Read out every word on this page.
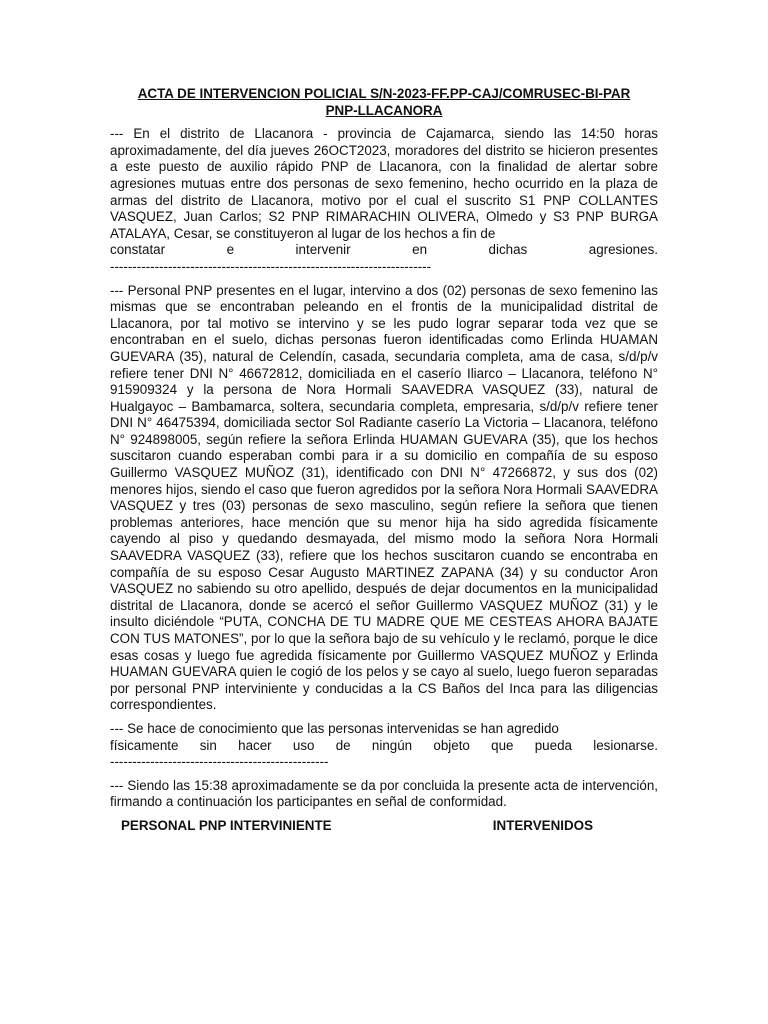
ACTA DE INTERVENCION POLICIAL S/N-2023-FF.PP-CAJ/COMRUSEC-BI-PAR
PNP-LLACANORA
--- En el distrito de Llacanora - provincia de Cajamarca, siendo las 14:50 horas aproximadamente, del día jueves 26OCT2023, moradores del distrito se hicieron presentes a este puesto de auxilio rápido PNP de Llacanora, con la finalidad de alertar sobre agresiones mutuas entre dos personas de sexo femenino, hecho ocurrido en la plaza de armas del distrito de Llacanora, motivo por el cual el suscrito S1 PNP COLLANTES VASQUEZ, Juan Carlos; S2 PNP RIMARACHIN OLIVERA, Olmedo y S3 PNP BURGA ATALAYA, Cesar, se constituyeron al lugar de los hechos a fin de
constatar e intervenir en dichas agresiones.
------------------------------------------------------------------------
--- Personal PNP presentes en el lugar, intervino a dos (02) personas de sexo femenino las mismas que se encontraban peleando en el frontis de la municipalidad distrital de Llacanora, por tal motivo se intervino y se les pudo lograr separar toda vez que se encontraban en el suelo, dichas personas fueron identificadas como Erlinda HUAMAN GUEVARA (35), natural de Celendín, casada, secundaria completa, ama de casa, s/d/p/v refiere tener DNI N° 46672812, domiciliada en el caserío Iliarco – Llacanora, teléfono N° 915909324 y la persona de Nora Hormali SAAVEDRA VASQUEZ (33), natural de Hualgayoc – Bambamarca, soltera, secundaria completa, empresaria, s/d/p/v refiere tener DNI N° 46475394, domiciliada sector Sol Radiante caserío La Victoria – Llacanora, teléfono N° 924898005, según refiere la señora Erlinda HUAMAN GUEVARA (35), que los hechos suscitaron cuando esperaban combi para ir a su domicilio en compañía de su esposo Guillermo VASQUEZ MUÑOZ (31), identificado con DNI N° 47266872, y sus dos (02) menores hijos, siendo el caso que fueron agredidos por la señora Nora Hormali SAAVEDRA VASQUEZ y tres (03) personas de sexo masculino, según refiere la señora que tienen problemas anteriores, hace mención que su menor hija ha sido agredida físicamente cayendo al piso y quedando desmayada, del mismo modo la señora Nora Hormali SAAVEDRA VASQUEZ (33), refiere que los hechos suscitaron cuando se encontraba en compañía de su esposo Cesar Augusto MARTINEZ ZAPANA (34) y su conductor Aron VASQUEZ no sabiendo su otro apellido, después de dejar documentos en la municipalidad distrital de Llacanora, donde se acercó el señor Guillermo VASQUEZ MUÑOZ (31) y le insulto diciéndole “PUTA, CONCHA DE TU MADRE QUE ME CESTEAS AHORA BAJATE CON TUS MATONES”, por lo que la señora bajo de su vehículo y le reclamó, porque le dice esas cosas y luego fue agredida físicamente por Guillermo VASQUEZ MUÑOZ y Erlinda HUAMAN GUEVARA quien le cogió de los pelos y se cayo al suelo, luego fueron separadas por personal PNP interviniente y conducidas a la CS Baños del Inca para las diligencias correspondientes.
--- Se hace de conocimiento que las personas intervenidas se han agredido
físicamente sin hacer uso de ningún objeto que pueda lesionarse.
-------------------------------------------------
--- Siendo las 15:38 aproximadamente se da por concluida la presente acta de intervención, firmando a continuación los participantes en señal de conformidad.
PERSONAL PNP INTERVINIENTE	INTERVENIDOS
